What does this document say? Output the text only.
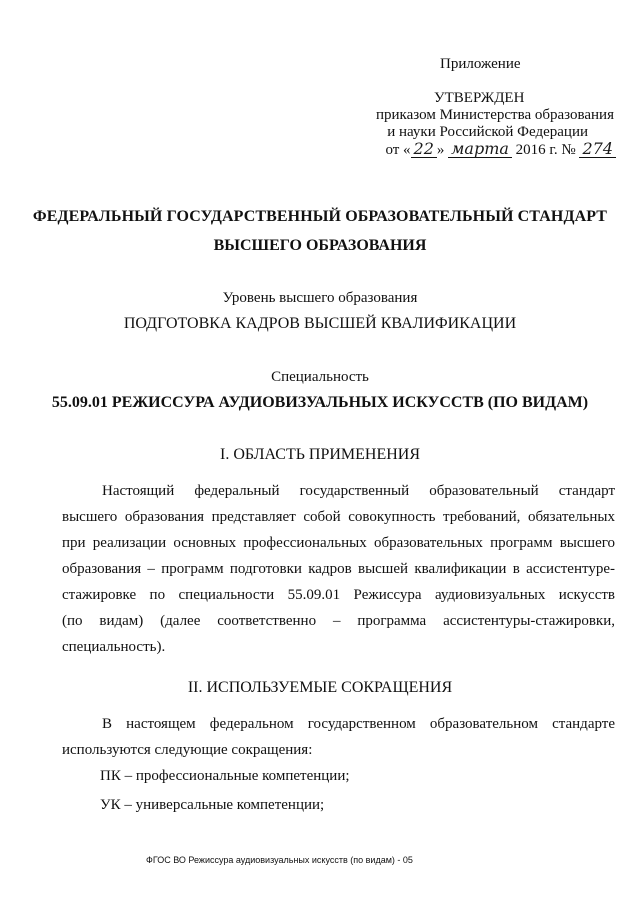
Приложение
УТВЕРЖДЕН
приказом Министерства образования
и науки Российской Федерации
от « 22 » марта 2016 г. № 274
ФЕДЕРАЛЬНЫЙ ГОСУДАРСТВЕННЫЙ ОБРАЗОВАТЕЛЬНЫЙ СТАНДАРТ
ВЫСШЕГО ОБРАЗОВАНИЯ
Уровень высшего образования
ПОДГОТОВКА КАДРОВ ВЫСШЕЙ КВАЛИФИКАЦИИ
Специальность
55.09.01 РЕЖИССУРА АУДИОВИЗУАЛЬНЫХ ИСКУССТВ (ПО ВИДАМ)
I. ОБЛАСТЬ ПРИМЕНЕНИЯ
Настоящий федеральный государственный образовательный стандарт
высшего образования представляет собой совокупность требований, обязательных
при реализации основных профессиональных образовательных программ высшего
образования – программ подготовки кадров высшей квалификации в ассистентуре-
стажировке по специальности 55.09.01 Режиссура аудиовизуальных искусств
(по видам) (далее соответственно – программа ассистентуры-стажировки,
специальность).
II. ИСПОЛЬЗУЕМЫЕ СОКРАЩЕНИЯ
В настоящем федеральном государственном образовательном стандарте
используются следующие сокращения:
ПК – профессиональные компетенции;
УК – универсальные компетенции;
ФГОС ВО Режиссура аудиовизуальных искусств (по видам) - 05
